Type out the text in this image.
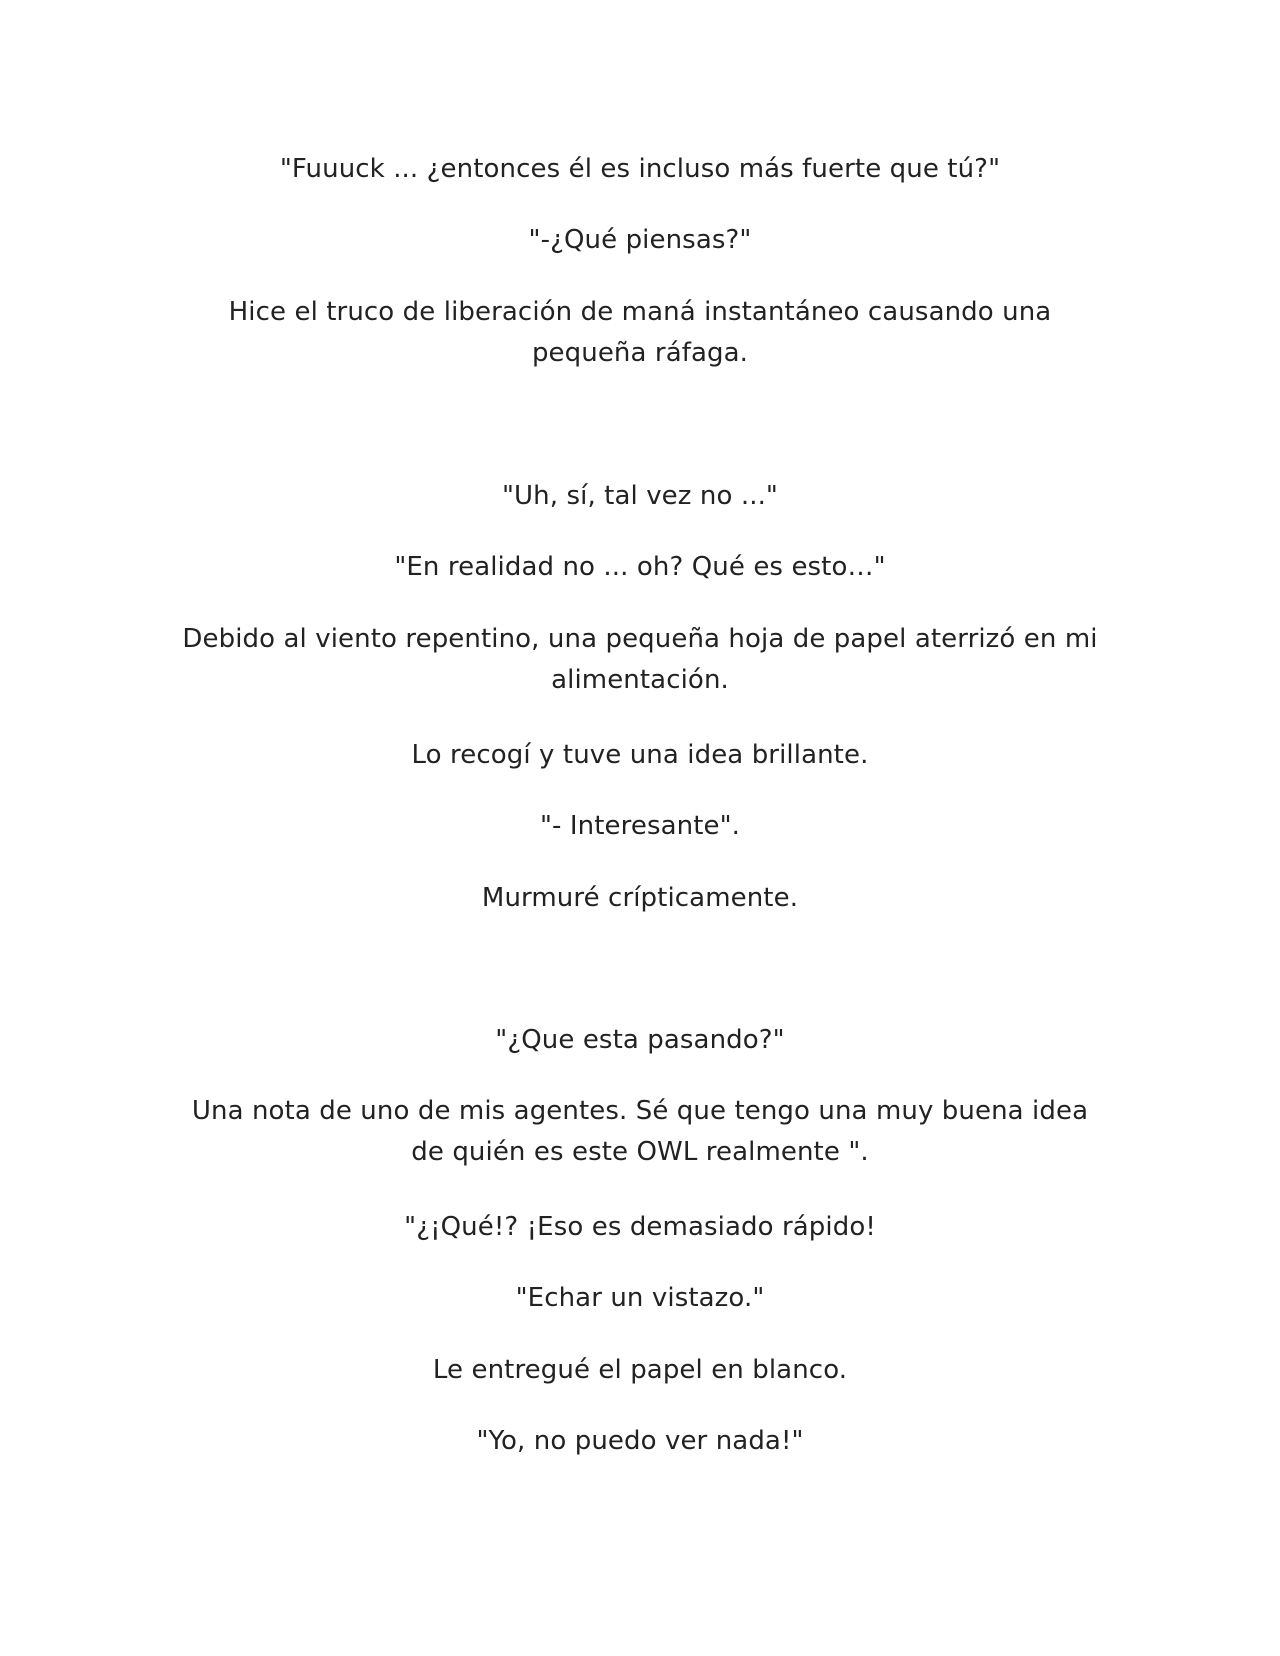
"Fuuuck ... ¿entonces él es incluso más fuerte que tú?"

"-¿Qué piensas?"

Hice el truco de liberación de maná instantáneo causando una pequeña ráfaga.

"Uh, sí, tal vez no ..."

"En realidad no ... oh? Qué es esto…"

Debido al viento repentino, una pequeña hoja de papel aterrizó en mi alimentación.

Lo recogí y tuve una idea brillante.

"- Interesante".

Murmuré crípticamente.

"¿Que esta pasando?"

Una nota de uno de mis agentes. Sé que tengo una muy buena idea de quién es este OWL realmente ".

"¿¡Qué!? ¡Eso es demasiado rápido!

"Echar un vistazo."

Le entregué el papel en blanco.

"Yo, no puedo ver nada!"
